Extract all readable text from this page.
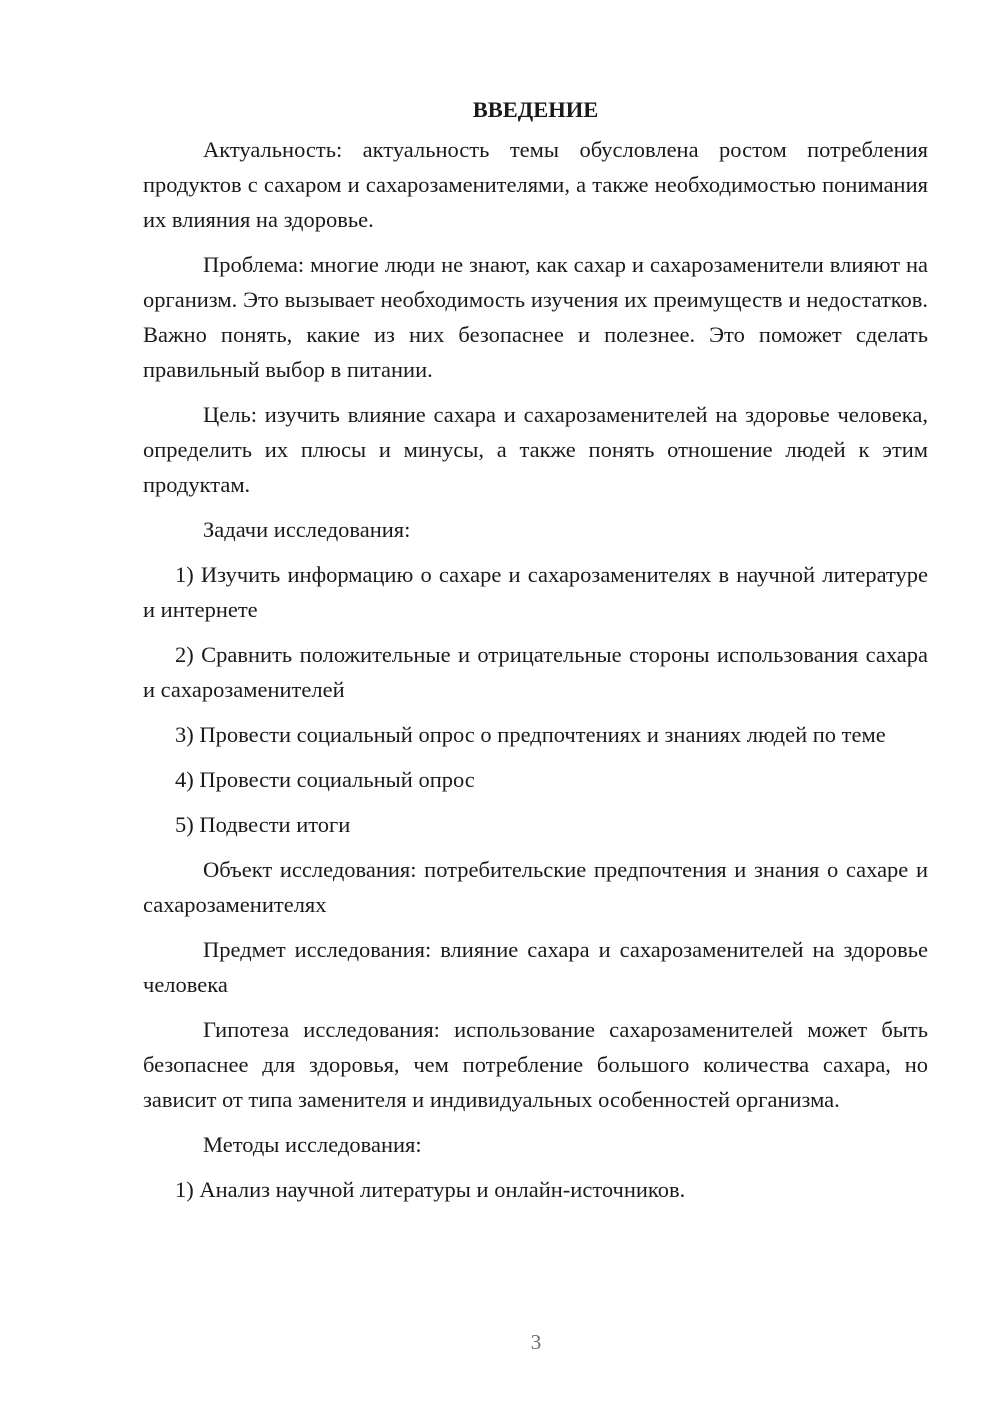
ВВЕДЕНИЕ

Актуальность: актуальность темы обусловлена ростом потребления продуктов с сахаром и сахарозаменителями, а также необходимостью понимания их влияния на здоровье.

Проблема: многие люди не знают, как сахар и сахарозаменители влияют на организм. Это вызывает необходимость изучения их преимуществ и недостатков. Важно понять, какие из них безопаснее и полезнее. Это поможет сделать правильный выбор в питании.

Цель: изучить влияние сахара и сахарозаменителей на здоровье человека, определить их плюсы и минусы, а также понять отношение людей к этим продуктам.

Задачи исследования:

1) Изучить информацию о сахаре и сахарозаменителях в научной литературе и интернете

2) Сравнить положительные и отрицательные стороны использования сахара и сахарозаменителей

3) Провести социальный опрос о предпочтениях и знаниях людей по теме

4) Провести социальный опрос

5) Подвести итоги

Объект исследования: потребительские предпочтения и знания о сахаре и сахарозаменителях

Предмет исследования: влияние сахара и сахарозаменителей на здоровье человека

Гипотеза исследования: использование сахарозаменителей может быть безопаснее для здоровья, чем потребление большого количества сахара, но зависит от типа заменителя и индивидуальных особенностей организма.

Методы исследования:

1) Анализ научной литературы и онлайн-источников.

3
